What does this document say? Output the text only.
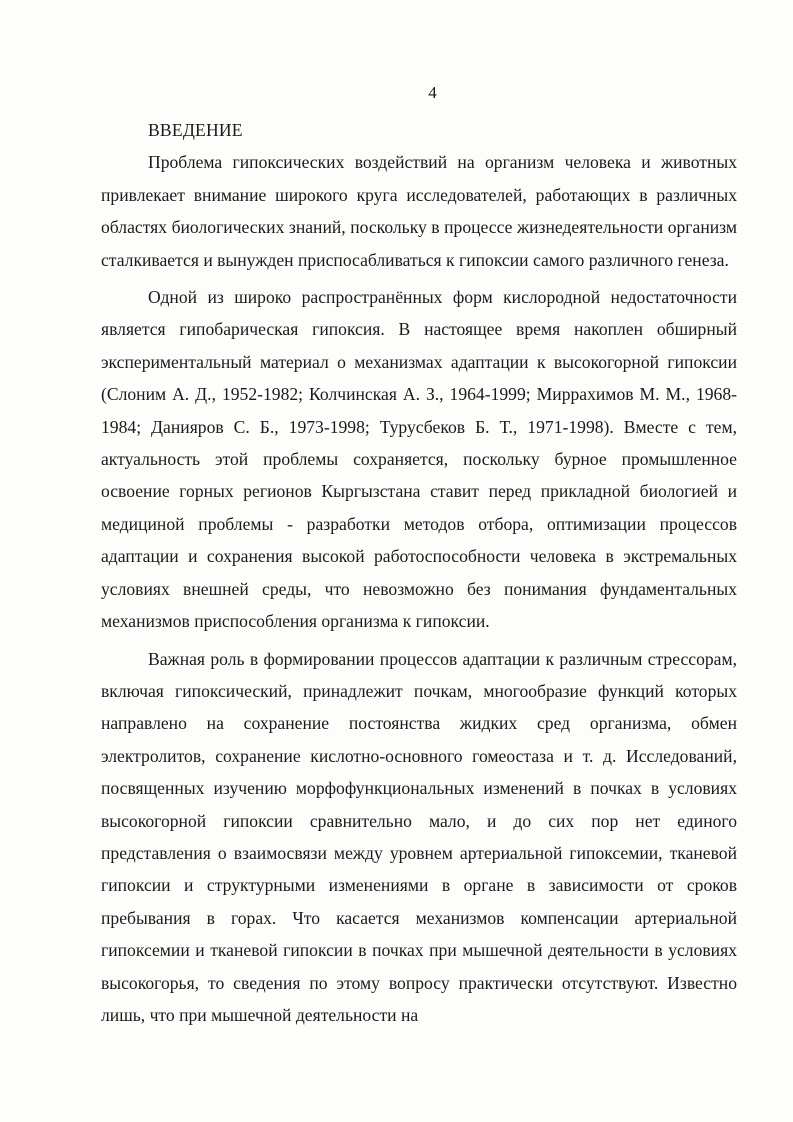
4
ВВЕДЕНИЕ

Проблема гипоксических воздействий на организм человека и животных привлекает внимание широкого круга исследователей, работающих в различных областях биологических знаний, поскольку в процессе жизнедеятельности организм сталкивается и вынужден приспосабливаться к гипоксии самого различного генеза.

Одной из широко распространённых форм кислородной недостаточности является гипобарическая гипоксия. В настоящее время накоплен обширный экспериментальный материал о механизмах адаптации к высокогорной гипоксии (Слоним А. Д., 1952-1982; Колчинская А. З., 1964-1999; Миррахимов М. М., 1968-1984; Данияров С. Б., 1973-1998; Турусбеков Б. Т., 1971-1998). Вместе с тем, актуальность этой проблемы сохраняется, поскольку бурное промышленное освоение горных регионов Кыргызстана ставит перед прикладной биологией и медициной проблемы - разработки методов отбора, оптимизации процессов адаптации и сохранения высокой работоспособности человека в экстремальных условиях внешней среды, что невозможно без понимания фундаментальных механизмов приспособления организма к гипоксии.

Важная роль в формировании процессов адаптации к различным стрессорам, включая гипоксический, принадлежит почкам, многообразие функций которых направлено на сохранение постоянства жидких сред организма, обмен электролитов, сохранение кислотно-основного гомеостаза и т. д. Исследований, посвященных изучению морфофункциональных изменений в почках в условиях высокогорной гипоксии сравнительно мало, и до сих пор нет единого представления о взаимосвязи между уровнем артериальной гипоксемии, тканевой гипоксии и структурными изменениями в органе в зависимости от сроков пребывания в горах. Что касается механизмов компенсации артериальной гипоксемии и тканевой гипоксии в почках при мышечной деятельности в условиях высокогорья, то сведения по этому вопросу практически отсутствуют. Известно лишь, что при мышечной деятельности на
